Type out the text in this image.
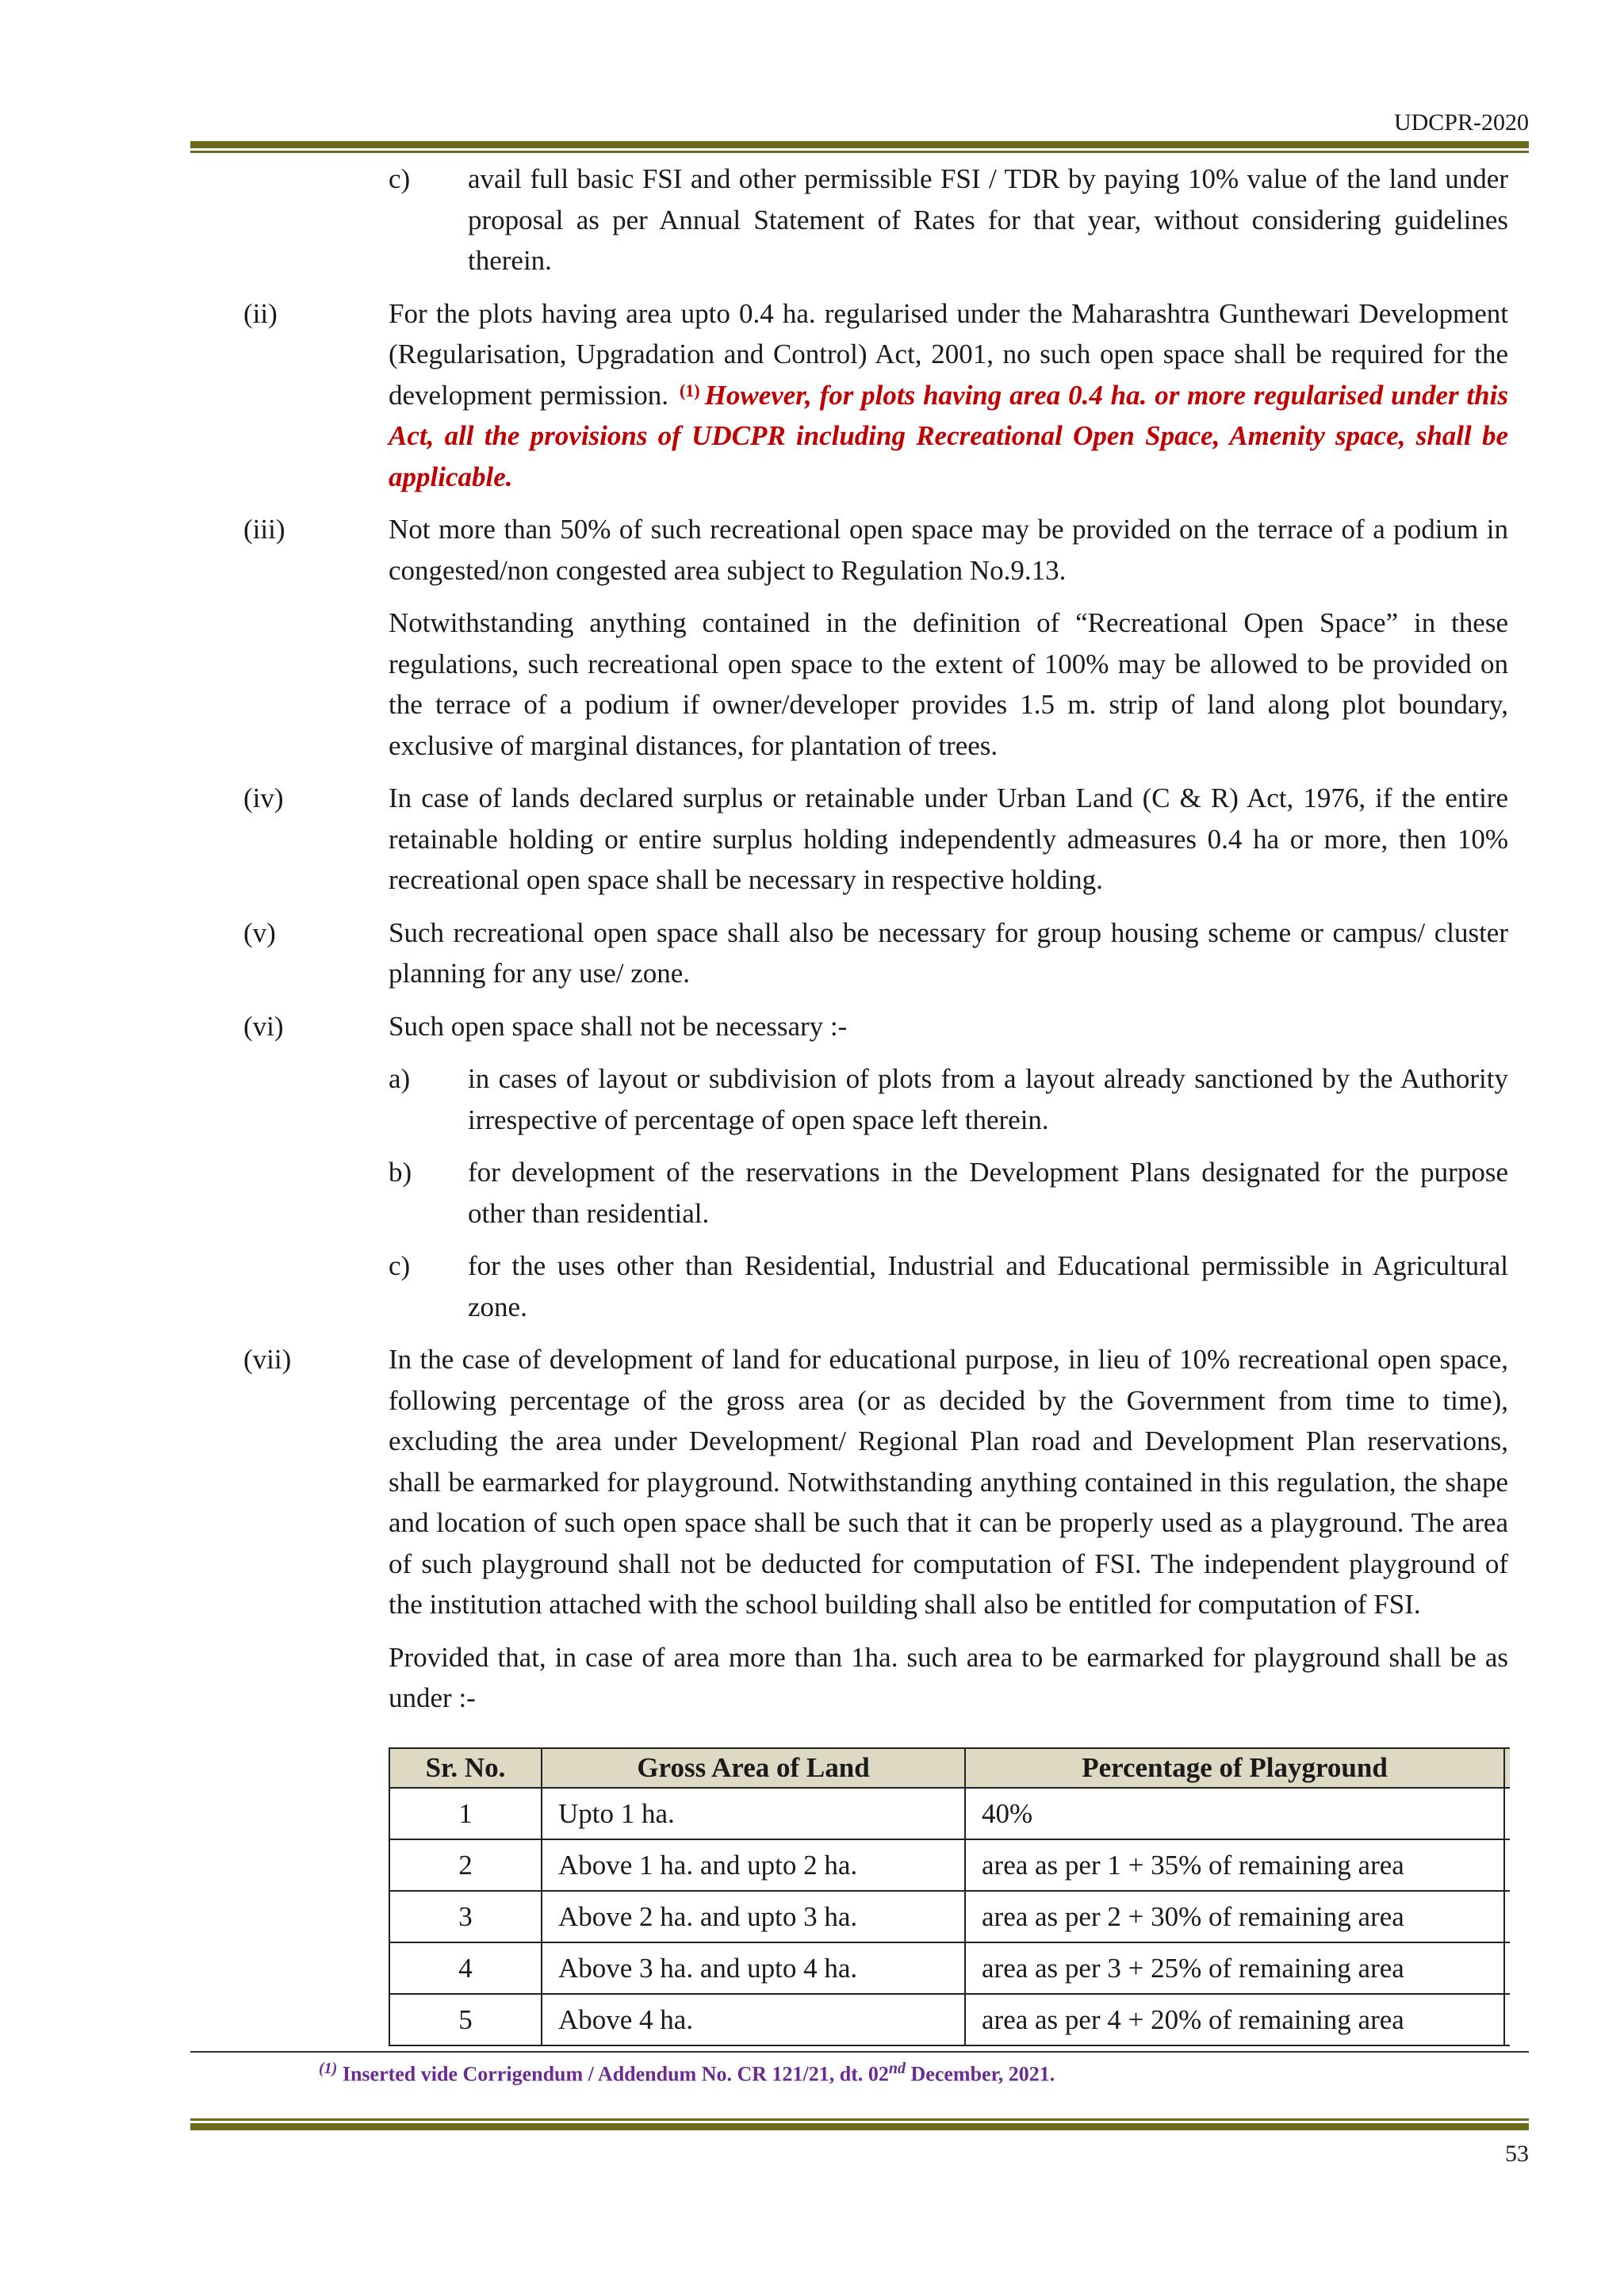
UDCPR-2020
c) avail full basic FSI and other permissible FSI / TDR by paying 10% value of the land under proposal as per Annual Statement of Rates for that year, without considering guidelines therein.
(ii)	For the plots having area upto 0.4 ha. regularised under the Maharashtra Gunthewari Development (Regularisation, Upgradation and Control) Act, 2001, no such open space shall be required for the development permission. $^{(1)}$ However, for plots having area 0.4 ha. or more regularised under this Act, all the provisions of UDCPR including Recreational Open Space, Amenity space, shall be applicable.
(iii)	Not more than 50% of such recreational open space may be provided on the terrace of a podium in congested/non congested area subject to Regulation No.9.13.
Notwithstanding anything contained in the definition of “Recreational Open Space” in these regulations, such recreational open space to the extent of 100% may be allowed to be provided on the terrace of a podium if owner/developer provides 1.5 m. strip of land along plot boundary, exclusive of marginal distances, for plantation of trees.
(iv)	In case of lands declared surplus or retainable under Urban Land (C & R) Act, 1976, if the entire retainable holding or entire surplus holding independently admeasures 0.4 ha or more, then 10% recreational open space shall be necessary in respective holding.
(v)	Such recreational open space shall also be necessary for group housing scheme or campus/ cluster planning for any use/ zone.
(vi)	Such open space shall not be necessary :-
a) in cases of layout or subdivision of plots from a layout already sanctioned by the Authority irrespective of percentage of open space left therein.
b) for development of the reservations in the Development Plans designated for the purpose other than residential.
c) for the uses other than Residential, Industrial and Educational permissible in Agricultural zone.
(vii)	In the case of development of land for educational purpose, in lieu of 10% recreational open space, following percentage of the gross area (or as decided by the Government from time to time), excluding the area under Development/ Regional Plan road and Development Plan reservations, shall be earmarked for playground. Notwithstanding anything contained in this regulation, the shape and location of such open space shall be such that it can be properly used as a playground. The area of such playground shall not be deducted for computation of FSI. The independent playground of the institution attached with the school building shall also be entitled for computation of FSI.
Provided that, in case of area more than 1ha. such area to be earmarked for playground shall be as under :-
Sr. No.	Gross Area of Land	Percentage of Playground	
1	Upto 1 ha.	40%	
2	Above 1 ha. and upto 2 ha.	area as per 1 + 35% of remaining area	
3	Above 2 ha. and upto 3 ha.	area as per 2 + 30% of remaining area	
4	Above 3 ha. and upto 4 ha.	area as per 3 + 25% of remaining area	
5	Above 4 ha.	area as per 4 + 20% of remaining area	
$^{(1)}$ Inserted vide Corrigendum / Addendum No. CR 121/21, dt. 02nd December, 2021.
53
